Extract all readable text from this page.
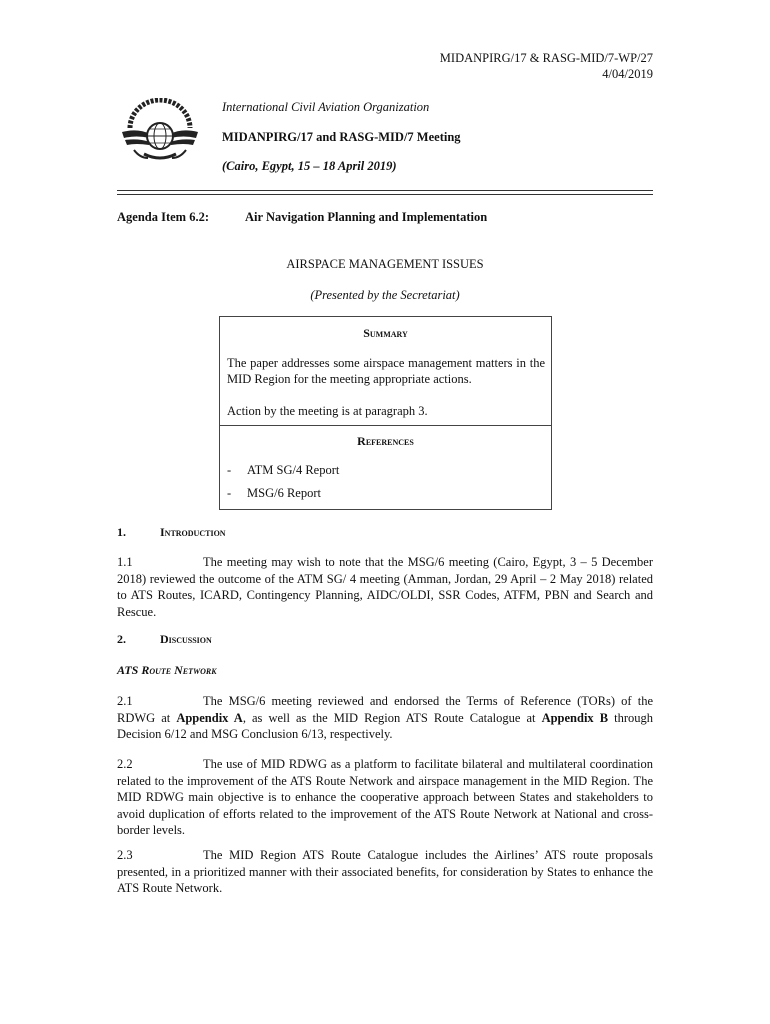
MIDANPIRG/17 & RASG-MID/7-WP/27
4/04/2019
International Civil Aviation Organization
MIDANPIRG/17 and RASG-MID/7 Meeting
(Cairo, Egypt, 15 – 18 April 2019)
Agenda Item 6.2:	Air Navigation Planning and Implementation
AIRSPACE MANAGEMENT ISSUES
(Presented by the Secretariat)
Summary

The paper addresses some airspace management matters in the MID Region for the meeting appropriate actions.

Action by the meeting is at paragraph 3.

References
- ATM SG/4 Report
- MSG/6 Report
1.	Introduction
1.1	The meeting may wish to note that the MSG/6 meeting (Cairo, Egypt, 3 – 5 December 2018) reviewed the outcome of the ATM SG/ 4 meeting (Amman, Jordan, 29 April – 2 May 2018) related to ATS Routes, ICARD, Contingency Planning, AIDC/OLDI, SSR Codes, ATFM, PBN and Search and Rescue.
2.	Discussion
ATS Route Network
2.1	The MSG/6 meeting reviewed and endorsed the Terms of Reference (TORs) of the RDWG at Appendix A, as well as the MID Region ATS Route Catalogue at Appendix B through Decision 6/12 and MSG Conclusion 6/13, respectively.
2.2	The use of MID RDWG as a platform to facilitate bilateral and multilateral coordination related to the improvement of the ATS Route Network and airspace management in the MID Region. The MID RDWG main objective is to enhance the cooperative approach between States and stakeholders to avoid duplication of efforts related to the improvement of the ATS Route Network at National and cross-border levels.
2.3	The MID Region ATS Route Catalogue includes the Airlines’ ATS route proposals presented, in a prioritized manner with their associated benefits, for consideration by States to enhance the ATS Route Network.
